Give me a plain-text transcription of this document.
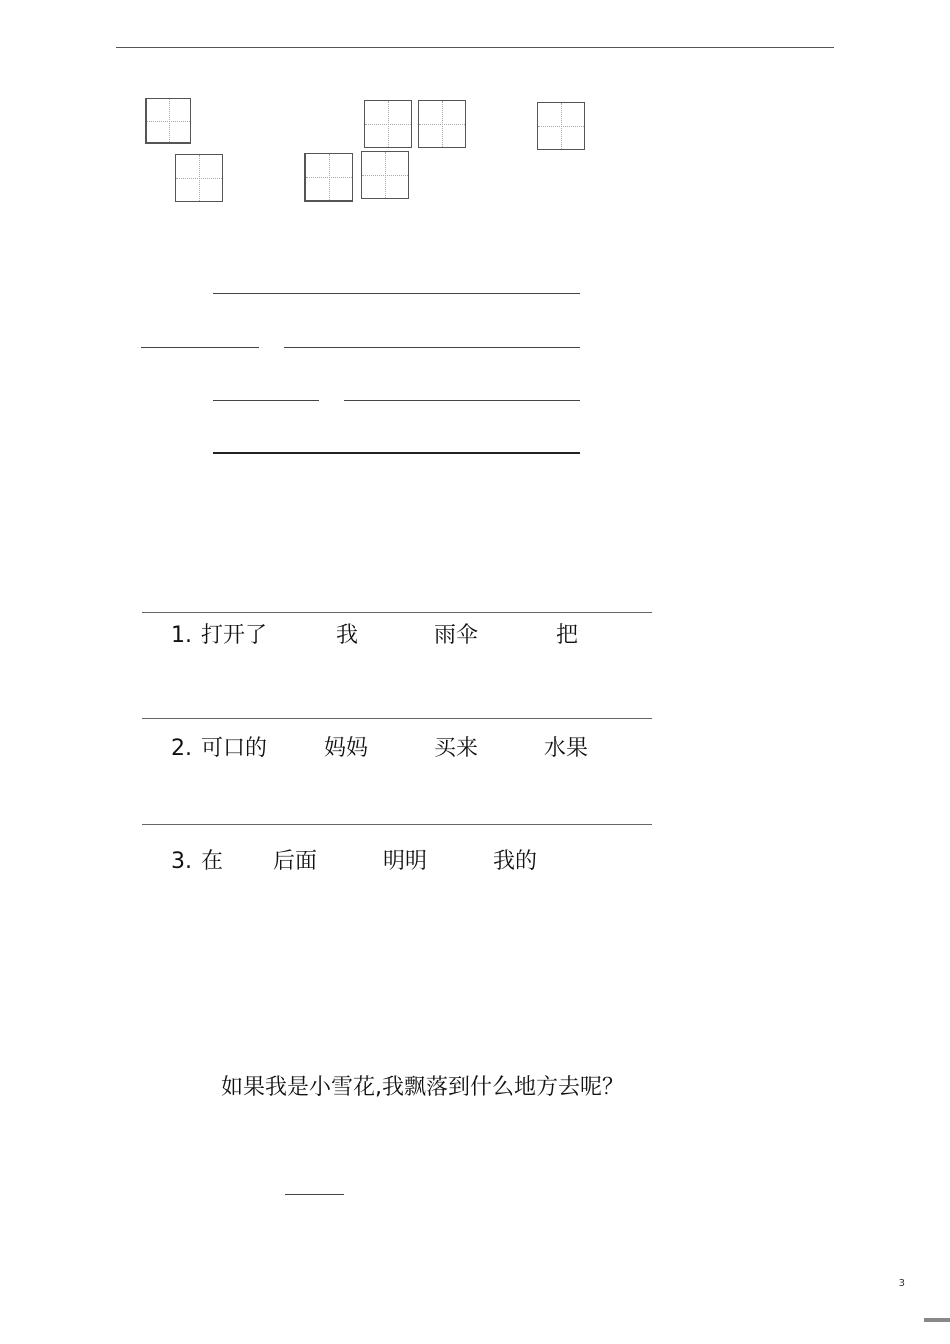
1. 打开了	我	雨伞	把
2. 可口的	妈妈	买来	水果
3. 在 后面	明明	我的
如果我是小雪花,我飘落到什么地方去呢？
3
